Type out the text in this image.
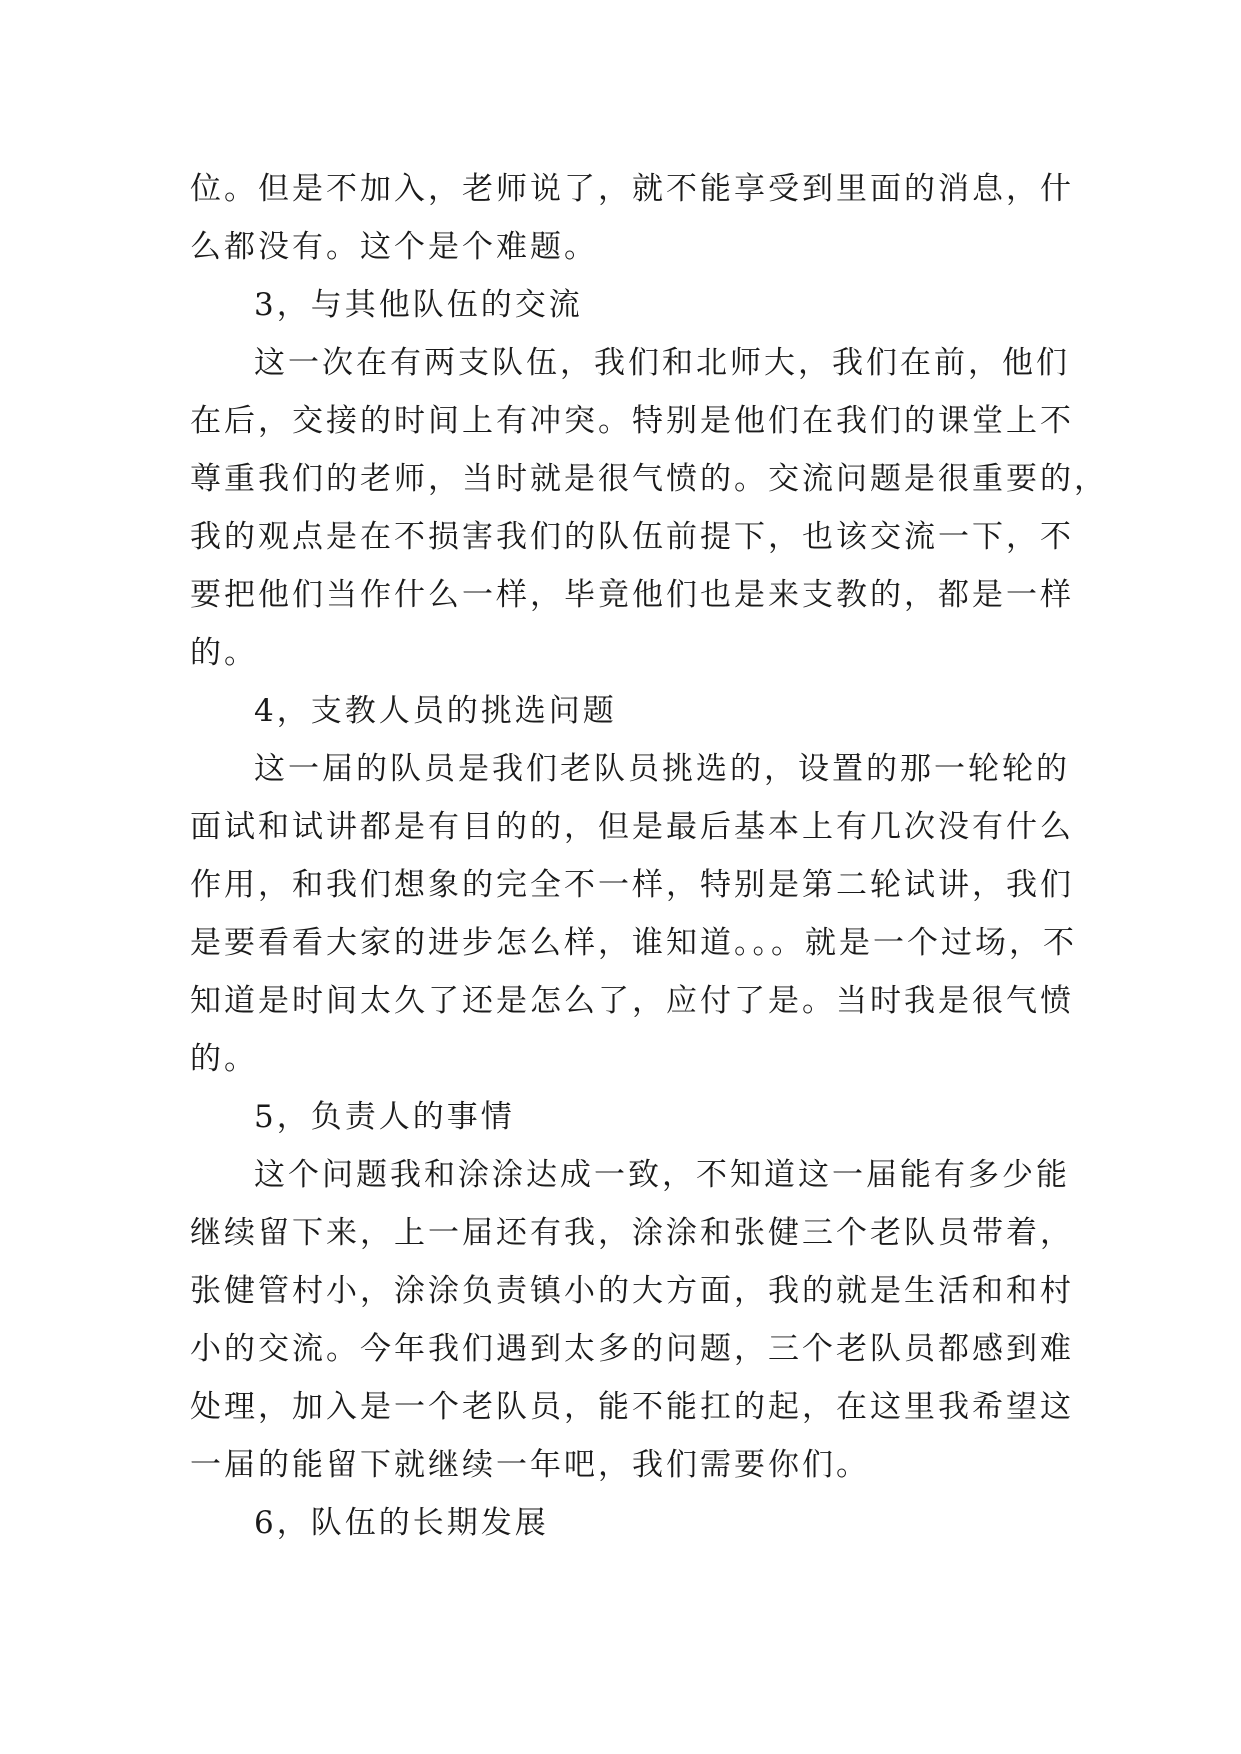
位。但是不加入，老师说了，就不能享受到里面的消息，什
么都没有。这个是个难题。
3，与其他队伍的交流
这一次在有两支队伍，我们和北师大，我们在前，他们
在后，交接的时间上有冲突。特别是他们在我们的课堂上不
尊重我们的老师，当时就是很气愤的。交流问题是很重要的，
我的观点是在不损害我们的队伍前提下，也该交流一下，不
要把他们当作什么一样，毕竟他们也是来支教的，都是一样
的。
4，支教人员的挑选问题
这一届的队员是我们老队员挑选的，设置的那一轮轮的
面试和试讲都是有目的的，但是最后基本上有几次没有什么
作用，和我们想象的完全不一样，特别是第二轮试讲，我们
是要看看大家的进步怎么样，谁知道。。。就是一个过场，不
知道是时间太久了还是怎么了，应付了是。当时我是很气愤
的。
5，负责人的事情
这个问题我和涂涂达成一致，不知道这一届能有多少能
继续留下来，上一届还有我，涂涂和张健三个老队员带着，
张健管村小，涂涂负责镇小的大方面，我的就是生活和和村
小的交流。今年我们遇到太多的问题，三个老队员都感到难
处理，加入是一个老队员，能不能扛的起，在这里我希望这
一届的能留下就继续一年吧，我们需要你们。
6，队伍的长期发展
